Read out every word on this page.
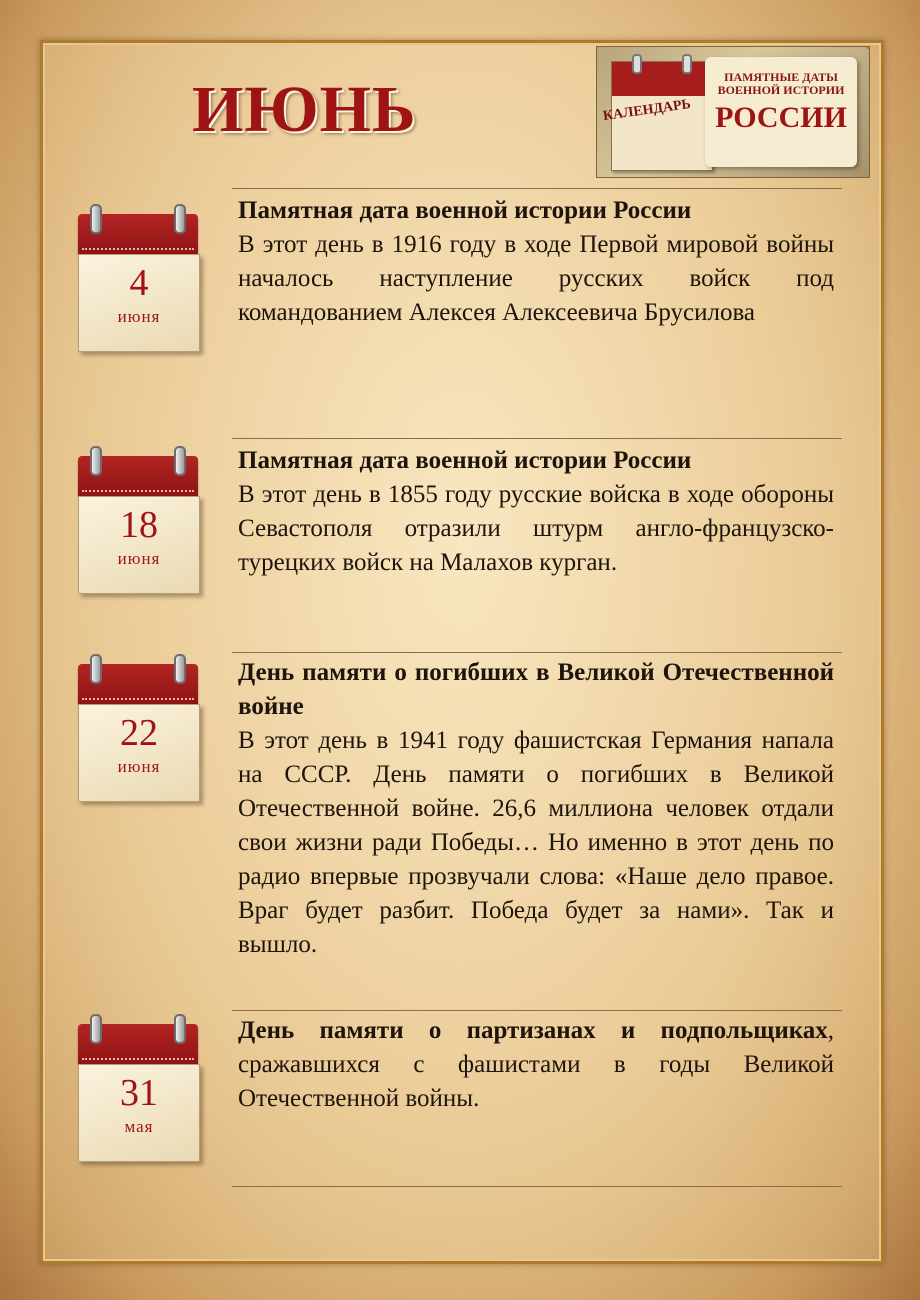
ИЮНЬ	КАЛЕНДАРЬ
ПАМЯТНЫЕ ДАТЫ
ВОЕННОЙ ИСТОРИИ
РОССИИ
4
июня
Памятная дата военной истории России
В этот день в 1916 году в ходе Первой мировой войны началось наступление русских войск под командованием Алексея Алексеевича Брусилова
18
июня
Памятная дата военной истории России
В этот день в 1855 году русские войска в ходе обороны Севастополя отразили штурм англо-французско-турецких войск на Малахов курган.
22
июня
День памяти о погибших в Великой Отечественной войне
В этот день в 1941 году фашистская Германия напала на СССР. День памяти о погибших в Великой Отечественной войне. 26,6 миллиона человек отдали свои жизни ради Победы… Но именно в этот день по радио впервые прозвучали слова: «Наше дело правое. Враг будет разбит. Победа будет за нами». Так и вышло.
31
мая
День памяти о партизанах и подпольщиках, сражавшихся с фашистами в годы Великой Отечественной войны.
